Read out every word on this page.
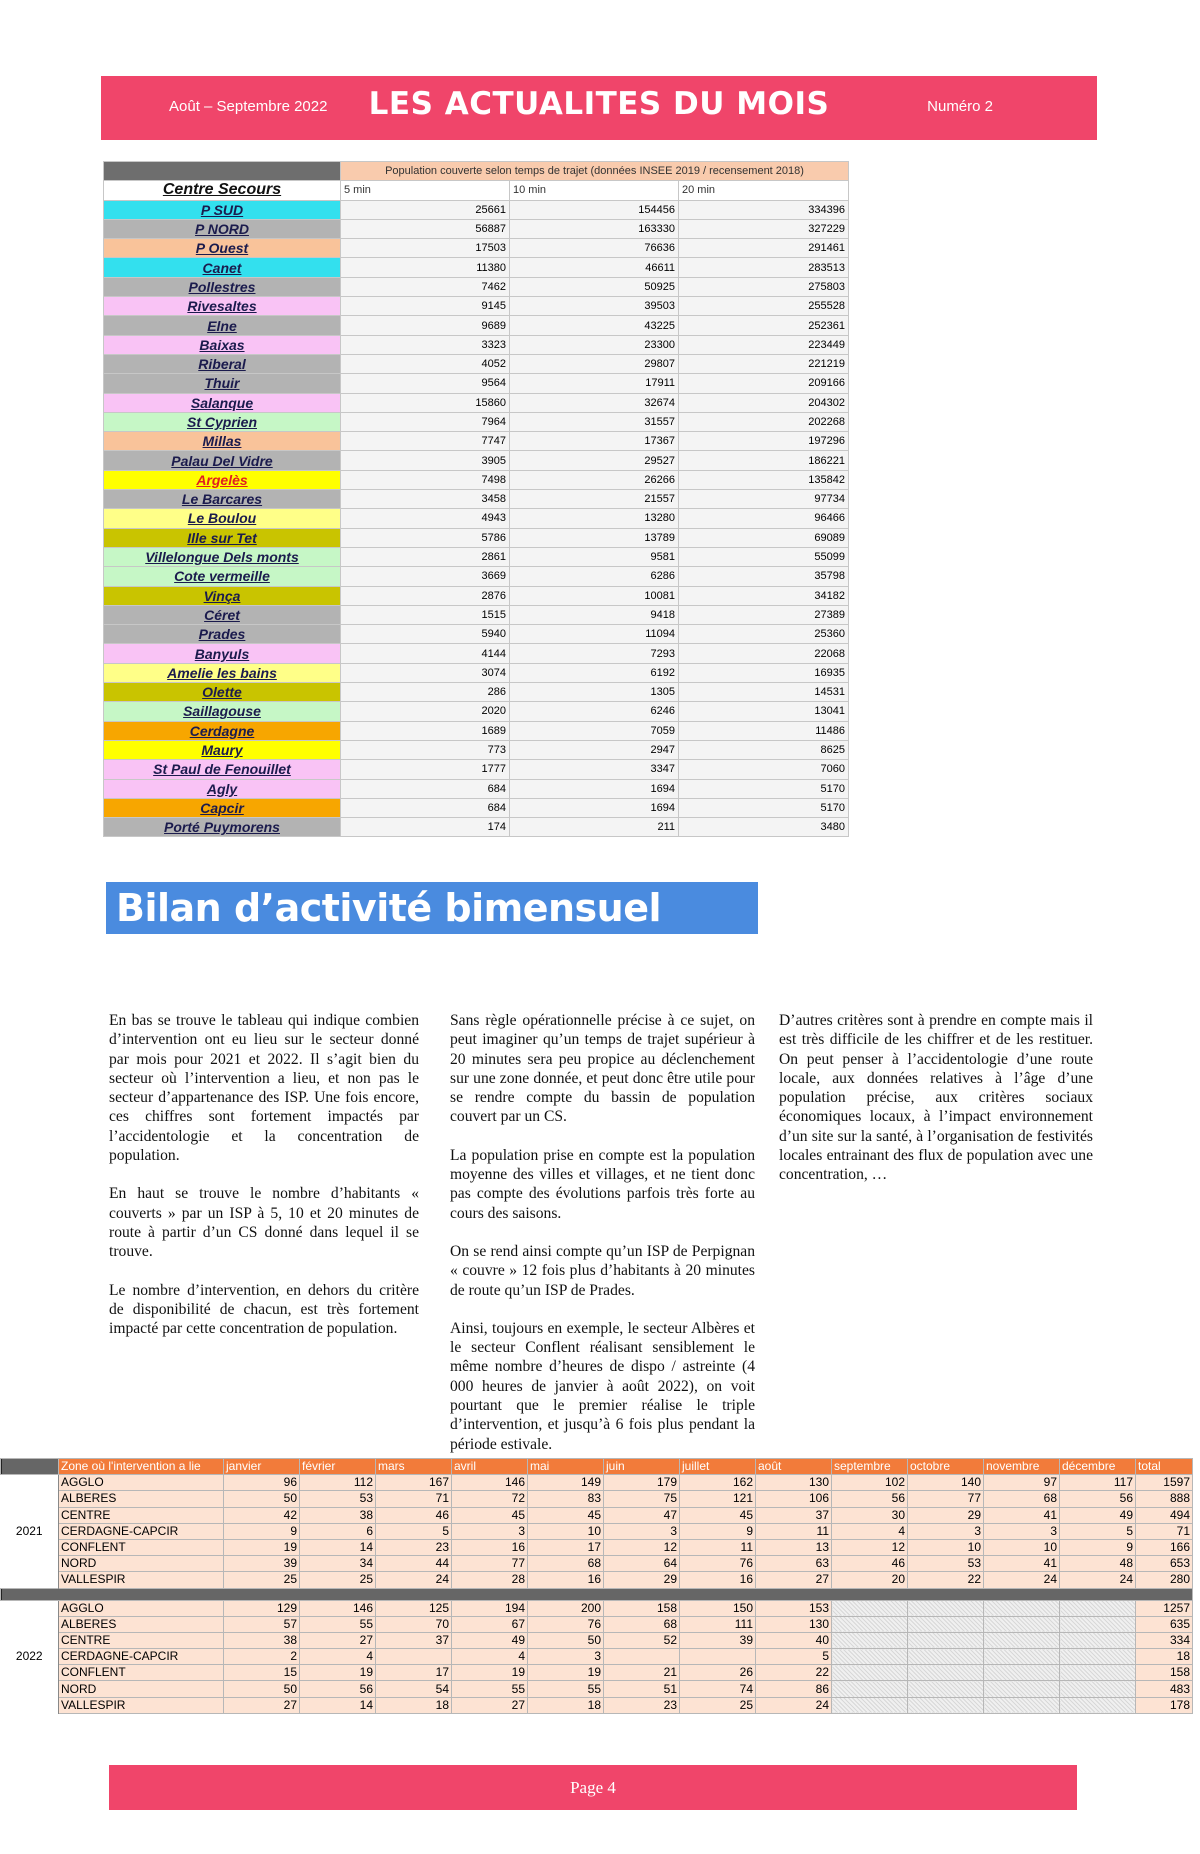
Août – Septembre 2022	LES ACTUALITES DU MOIS	Numéro 2
	Population couverte selon temps de trajet (données INSEE 2019 / recensement 2018)		
Centre Secours	5 min	10 min	20 min
P SUD	25661	154456	334396
P NORD	56887	163330	327229
P Ouest	17503	76636	291461
Canet	11380	46611	283513
Pollestres	7462	50925	275803
Rivesaltes	9145	39503	255528
Elne	9689	43225	252361
Baixas	3323	23300	223449
Riberal	4052	29807	221219
Thuir	9564	17911	209166
Salanque	15860	32674	204302
St Cyprien	7964	31557	202268
Millas	7747	17367	197296
Palau Del Vidre	3905	29527	186221
Argelès	7498	26266	135842
Le Barcares	3458	21557	97734
Le Boulou	4943	13280	96466
Ille sur Tet	5786	13789	69089
Villelongue Dels monts	2861	9581	55099
Cote vermeille	3669	6286	35798
Vinça	2876	10081	34182
Céret	1515	9418	27389
Prades	5940	11094	25360
Banyuls	4144	7293	22068
Amelie les bains	3074	6192	16935
Olette	286	1305	14531
Saillagouse	2020	6246	13041
Cerdagne	1689	7059	11486
Maury	773	2947	8625
St Paul de Fenouillet	1777	3347	7060
Agly	684	1694	5170
Capcir	684	1694	5170
Porté Puymorens	174	211	3480
Bilan d’activité bimensuel

En bas se trouve le tableau qui indique combien d’intervention ont eu lieu sur le secteur donné par mois pour 2021 et 2022. Il s’agit bien du secteur où l’intervention a lieu, et non pas le secteur d’appartenance des ISP. Une fois encore, ces chiffres sont fortement impactés par l’accidentologie et la concentration de population.

En haut se trouve le nombre d’habitants « couverts » par un ISP à 5, 10 et 20 minutes de route à partir d’un CS donné dans lequel il se trouve.

Le nombre d’intervention, en dehors du critère de disponibilité de chacun, est très fortement impacté par cette concentration de population.

Sans règle opérationnelle précise à ce sujet, on peut imaginer qu’un temps de trajet supérieur à 20 minutes sera peu propice au déclenchement sur une zone donnée, et peut donc être utile pour se rendre compte du bassin de population couvert par un CS.

La population prise en compte est la population moyenne des villes et villages, et ne tient donc pas compte des évolutions parfois très forte au cours des saisons.

On se rend ainsi compte qu’un ISP de Perpignan « couvre » 12 fois plus d’habitants à 20 minutes de route qu’un ISP de Prades.

Ainsi, toujours en exemple, le secteur Albères et le secteur Conflent réalisant sensiblement le même nombre d’heures de dispo / astreinte (4 000 heures de janvier à août 2022), on voit pourtant que le premier réalise le triple d’intervention, et jusqu’à 6 fois plus pendant la période estivale.

D’autres critères sont à prendre en compte mais il est très difficile de les chiffrer et de les restituer. On peut penser à l’accidentologie d’une route locale, aux données relatives à l’âge d’une population précise, aux critères sociaux économiques locaux, à l’impact environnement d’un site sur la santé, à l’organisation de festivités locales entrainant des flux de population avec une concentration, …

	Zone où l'intervention a lie	janvier	février	mars	avril	mai	juin	juillet	août	septembre	octobre	novembre	décembre	total
2021	AGGLO	96	112	167	146	149	179	162	130	102	140	97	117	1597
	ALBERES	50	53	71	72	83	75	121	106	56	77	68	56	888
	CENTRE	42	38	46	45	45	47	45	37	30	29	41	49	494
	CERDAGNE-CAPCIR	9	6	5	3	10	3	9	11	4	3	3	5	71
	CONFLENT	19	14	23	16	17	12	11	13	12	10	10	9	166
	NORD	39	34	44	77	68	64	76	63	46	53	41	48	653
	VALLESPIR	25	25	24	28	16	29	16	27	20	22	24	24	280

2022	AGGLO	129	146	125	194	200	158	150	153					1257
	ALBERES	57	55	70	67	76	68	111	130					635
	CENTRE	38	27	37	49	50	52	39	40					334
	CERDAGNE-CAPCIR	2	4		4	3			5					18
	CONFLENT	15	19	17	19	19	21	26	22					158
	NORD	50	56	54	55	55	51	74	86					483
	VALLESPIR	27	14	18	27	18	23	25	24					178
Page 4
